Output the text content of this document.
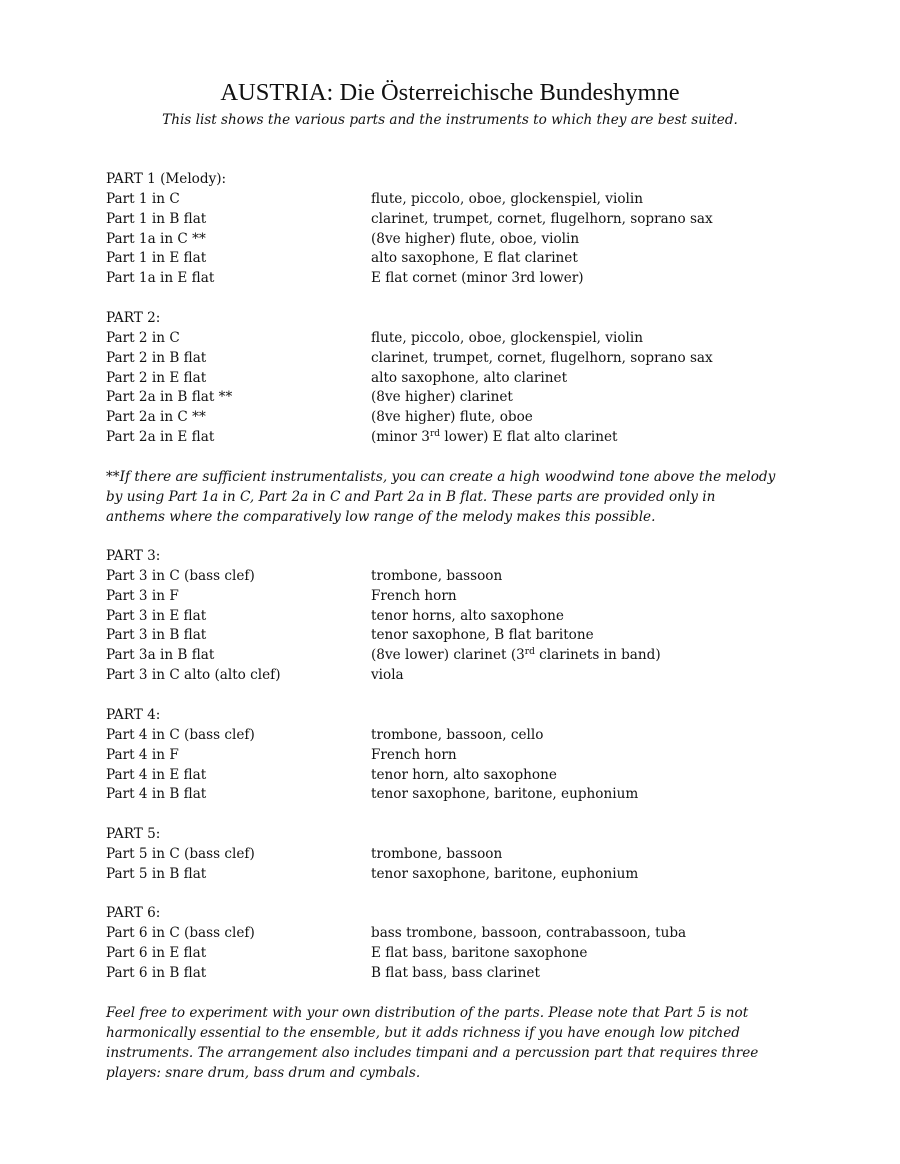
AUSTRIA: Die Österreichische Bundeshymne
This list shows the various parts and the instruments to which they are best suited.
PART 1 (Melody):
Part 1 in C	flute, piccolo, oboe, glockenspiel, violin
Part 1 in B flat	clarinet, trumpet, cornet, flugelhorn, soprano sax
Part 1a in C **	(8ve higher) flute, oboe, violin
Part 1 in E flat	alto saxophone, E flat clarinet
Part 1a in E flat	E flat cornet (minor 3rd lower)
PART 2:
Part 2 in C	flute, piccolo, oboe, glockenspiel, violin
Part 2 in B flat	clarinet, trumpet, cornet, flugelhorn, soprano sax
Part 2 in E flat	alto saxophone, alto clarinet
Part 2a in B flat **	(8ve higher) clarinet
Part 2a in C **	(8ve higher) flute, oboe
Part 2a in E flat	(minor 3rd lower) E flat alto clarinet
**If there are sufficient instrumentalists, you can create a high woodwind tone above the melody
by using Part 1a in C, Part 2a in C and Part 2a in B flat. These parts are provided only in
anthems where the comparatively low range of the melody makes this possible.
PART 3:
Part 3 in C (bass clef)	trombone, bassoon
Part 3 in F	French horn
Part 3 in E flat	tenor horns, alto saxophone
Part 3 in B flat	tenor saxophone, B flat baritone
Part 3a in B flat	(8ve lower) clarinet (3rd clarinets in band)
Part 3 in C alto (alto clef)	viola
PART 4:
Part 4 in C (bass clef)	trombone, bassoon, cello
Part 4 in F	French horn
Part 4 in E flat	tenor horn, alto saxophone
Part 4 in B flat	tenor saxophone, baritone, euphonium
PART 5:
Part 5 in C (bass clef)	trombone, bassoon
Part 5 in B flat	tenor saxophone, baritone, euphonium
PART 6:
Part 6 in C (bass clef)	bass trombone, bassoon, contrabassoon, tuba
Part 6 in E flat	E flat bass, baritone saxophone
Part 6 in B flat	B flat bass, bass clarinet
Feel free to experiment with your own distribution of the parts. Please note that Part 5 is not
harmonically essential to the ensemble, but it adds richness if you have enough low pitched
instruments. The arrangement also includes timpani and a percussion part that requires three
players: snare drum, bass drum and cymbals.
